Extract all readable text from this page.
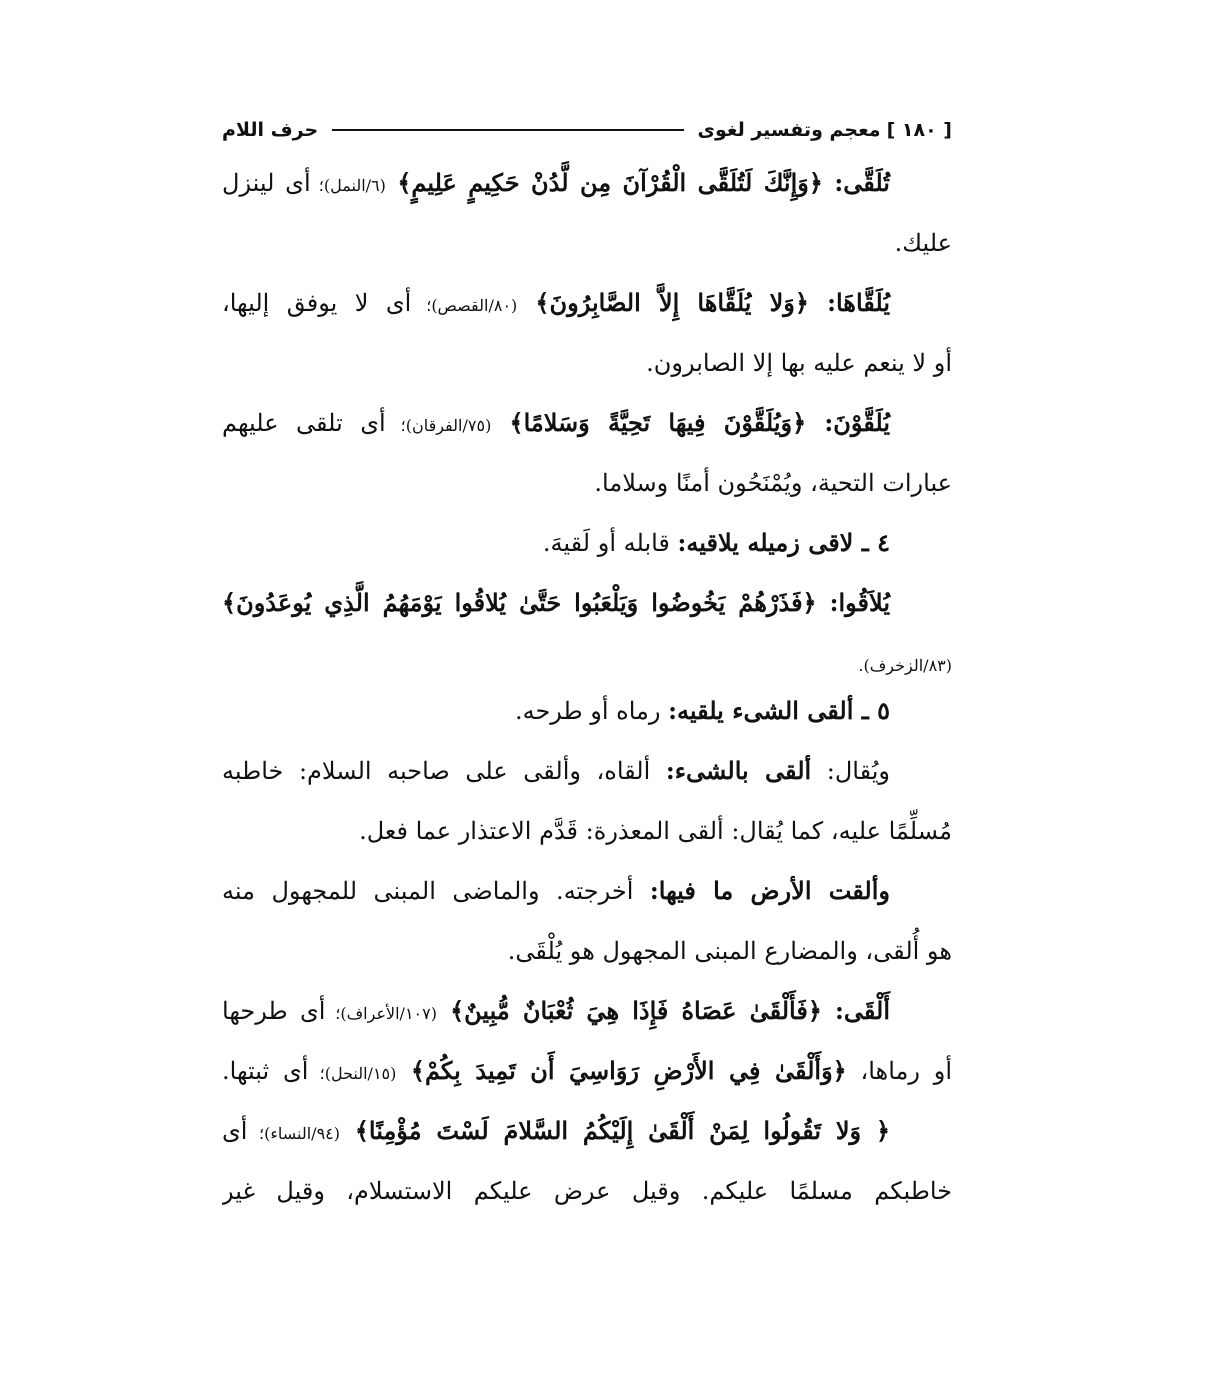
[ ١٨٠ ]
معجم وتفسير لغوى
حرف اللام
تُلَقَّى: ﴿وَإِنَّكَ لَتُلَقَّى الْقُرْآنَ مِن لَّدُنْ حَكِيمٍ عَلِيمٍ﴾ (٦/النمل)؛ أى لينزل
عليك.
يُلَقَّاهَا: ﴿وَلا يُلَقَّاهَا إِلاَّ الصَّابِرُونَ﴾ (٨٠/القصص)؛ أى لا يوفق إليها،
أو لا ينعم عليه بها إلا الصابرون.
يُلَقَّوْنَ: ﴿وَيُلَقَّوْنَ فِيهَا تَحِيَّةً وَسَلامًا﴾ (٧٥/الفرقان)؛ أى تلقى عليهم
عبارات التحية، ويُمْنَحُون أمنًا وسلاما.
٤ ـ لاقى زميله يلاقيه: قابله أو لَقيهَ.
يُلاَقُوا: ﴿فَذَرْهُمْ يَخُوضُوا وَيَلْعَبُوا حَتَّىٰ يُلاقُوا يَوْمَهُمُ الَّذِي يُوعَدُونَ﴾
(٨٣/الزخرف).
٥ ـ ألقى الشىء يلقيه: رماه أو طرحه.
ويُقال: ألقى بالشىء: ألقاه، وألقى على صاحبه السلام: خاطبه
مُسلِّمًا عليه، كما يُقال: ألقى المعذرة: قَدَّم الاعتذار عما فعل.
وألقت الأرض ما فيها: أخرجته. والماضى المبنى للمجهول منه
هو أُلقى، والمضارع المبنى المجهول هو يُلْقَى.
أَلْقَى: ﴿فَأَلْقَىٰ عَصَاهُ فَإِذَا هِيَ ثُعْبَانٌ مُّبِينٌ﴾ (١٠٧/الأعراف)؛ أى طرحها
أو رماها، ﴿وَأَلْقَىٰ فِي الأَرْضِ رَوَاسِيَ أَن تَمِيدَ بِكُمْ﴾ (١٥/النحل)؛ أى ثبتها.
﴿ وَلا تَقُولُوا لِمَنْ أَلْقَىٰ إِلَيْكُمُ السَّلامَ لَسْتَ مُؤْمِنًا﴾ (٩٤/النساء)؛ أى
خاطبكم مسلمًا عليكم. وقيل عرض عليكم الاستسلام، وقيل غير
